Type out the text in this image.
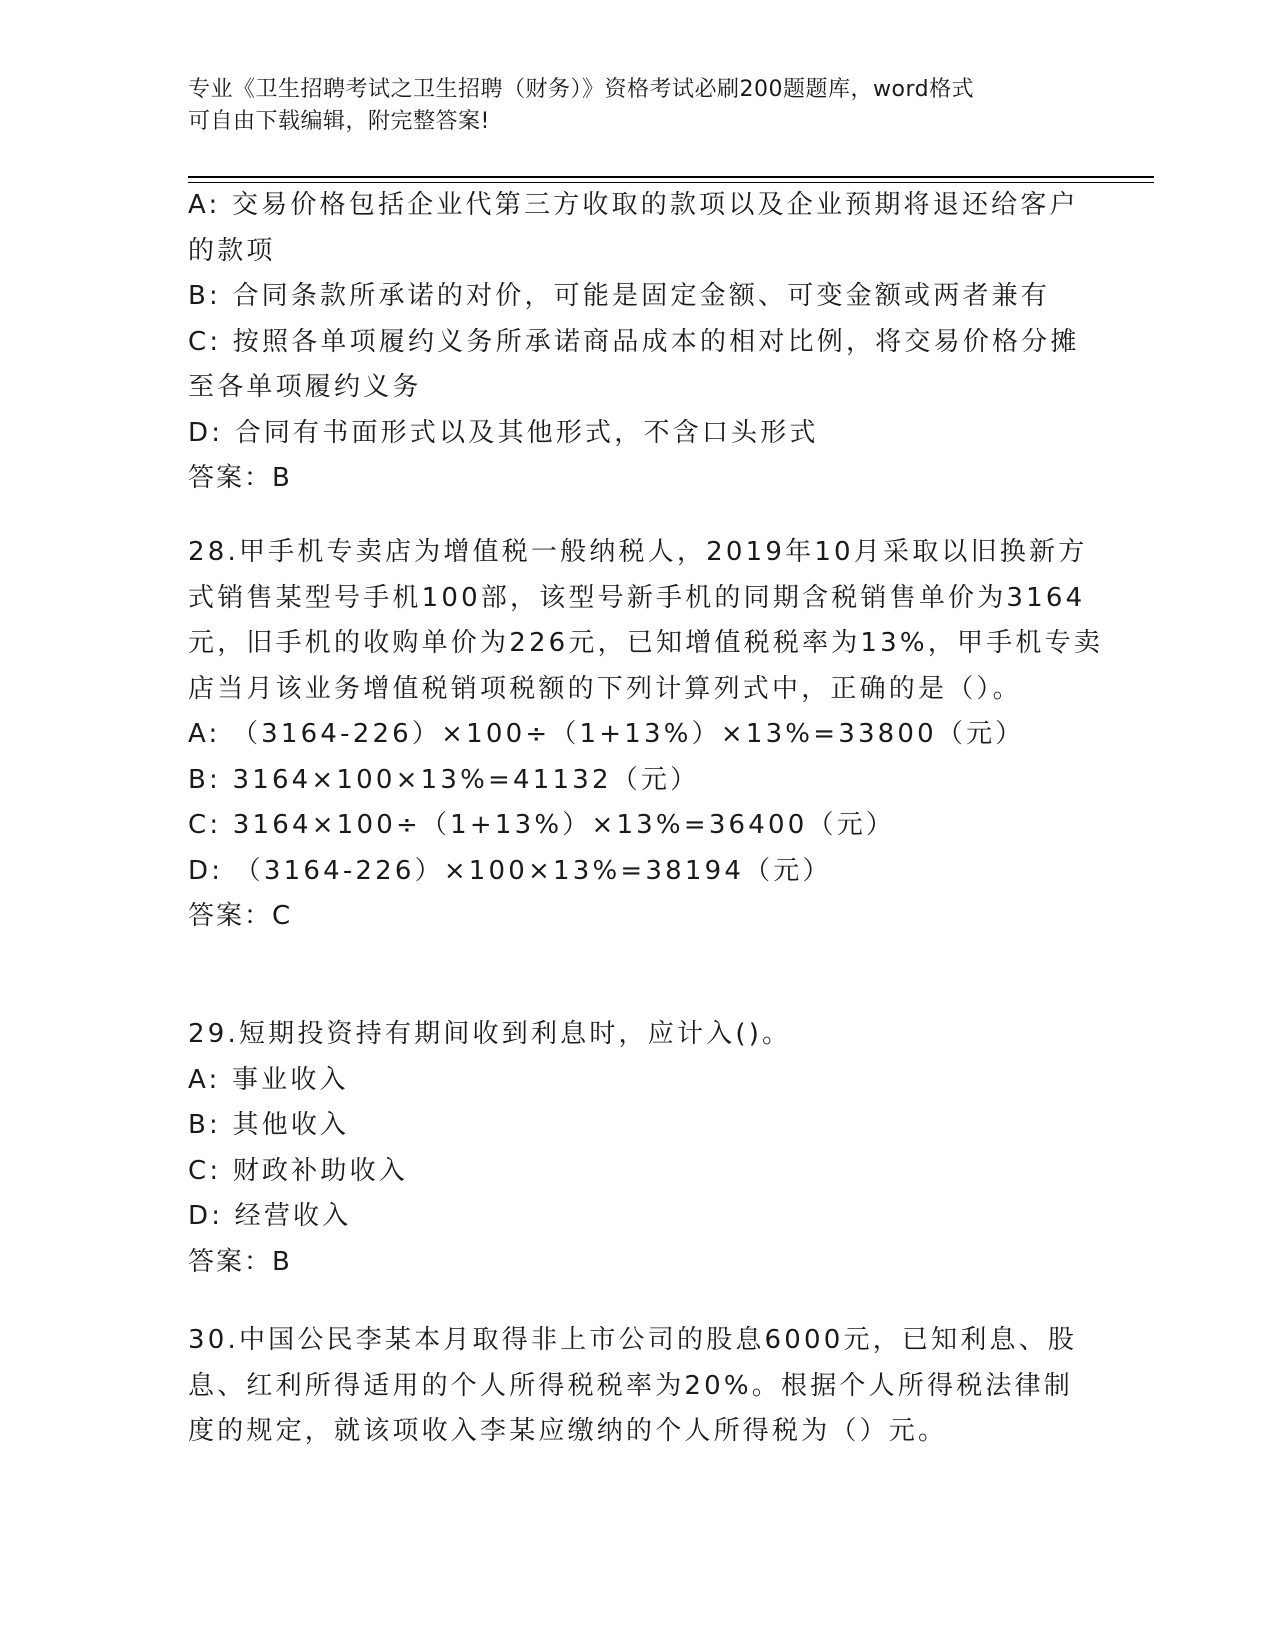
专业《卫生招聘考试之卫生招聘（财务）》资格考试必刷200题题库，word格式
可自由下载编辑，附完整答案!
A: 交易价格包括企业代第三方收取的款项以及企业预期将退还给客户
的款项
B: 合同条款所承诺的对价，可能是固定金额、可变金额或两者兼有
C: 按照各单项履约义务所承诺商品成本的相对比例，将交易价格分摊
至各单项履约义务
D: 合同有书面形式以及其他形式，不含口头形式
答案：B
28.甲手机专卖店为增值税一般纳税人，2019年10月采取以旧换新方
式销售某型号手机100部，该型号新手机的同期含税销售单价为3164
元，旧手机的收购单价为226元，已知增值税税率为13%，甲手机专卖
店当月该业务增值税销项税额的下列计算列式中，正确的是（）。
A: （3164-226）×100÷（1+13%）×13%=33800（元）
B: 3164×100×13%=41132（元）
C: 3164×100÷（1+13%）×13%=36400（元）
D: （3164-226）×100×13%=38194（元）
答案：C
29.短期投资持有期间收到利息时，应计入()。
A: 事业收入
B: 其他收入
C: 财政补助收入
D: 经营收入
答案：B
30.中国公民李某本月取得非上市公司的股息6000元，已知利息、股
息、红利所得适用的个人所得税税率为20%。根据个人所得税法律制
度的规定，就该项收入李某应缴纳的个人所得税为（）元。
